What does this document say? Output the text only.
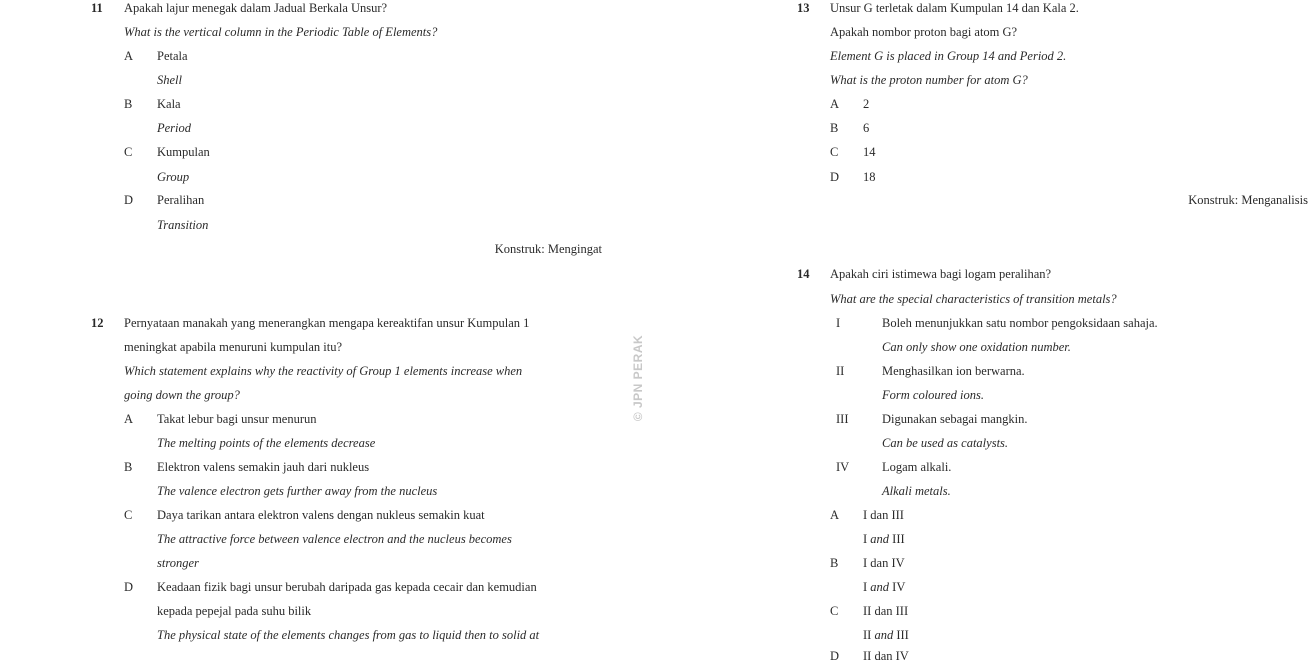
11 Apakah lajur menegak dalam Jadual Berkala Unsur?
What is the vertical column in the Periodic Table of Elements?
A Petala
Shell
B Kala
Period
C Kumpulan
Group
D Peralihan
Transition
Konstruk: Mengingat
12 Pernyataan manakah yang menerangkan mengapa kereaktifan unsur Kumpulan 1
meningkat apabila menuruni kumpulan itu?
Which statement explains why the reactivity of Group 1 elements increase when
going down the group?
A Takat lebur bagi unsur menurun
The melting points of the elements decrease
B Elektron valens semakin jauh dari nukleus
The valence electron gets further away from the nucleus
C Daya tarikan antara elektron valens dengan nukleus semakin kuat
The attractive force between valence electron and the nucleus becomes
stronger
D Keadaan fizik bagi unsur berubah daripada gas kepada cecair dan kemudian
kepada pepejal pada suhu bilik
The physical state of the elements changes from gas to liquid then to solid at
© JPN PERAK
13 Unsur G terletak dalam Kumpulan 14 dan Kala 2.
Apakah nombor proton bagi atom G?
Element G is placed in Group 14 and Period 2.
What is the proton number for atom G?
A 2
B 6
C 14
D 18
Konstruk: Menganalisis
14 Apakah ciri istimewa bagi logam peralihan?
What are the special characteristics of transition metals?
I	Boleh menunjukkan satu nombor pengoksidaan sahaja.
Can only show one oxidation number.
II	Menghasilkan ion berwarna.
Form coloured ions.
III	Digunakan sebagai mangkin.
Can be used as catalysts.
IV	Logam alkali.
Alkali metals.
A I dan III
I and III
B I dan IV
I and IV
C II dan III
II and III
D II dan IV
